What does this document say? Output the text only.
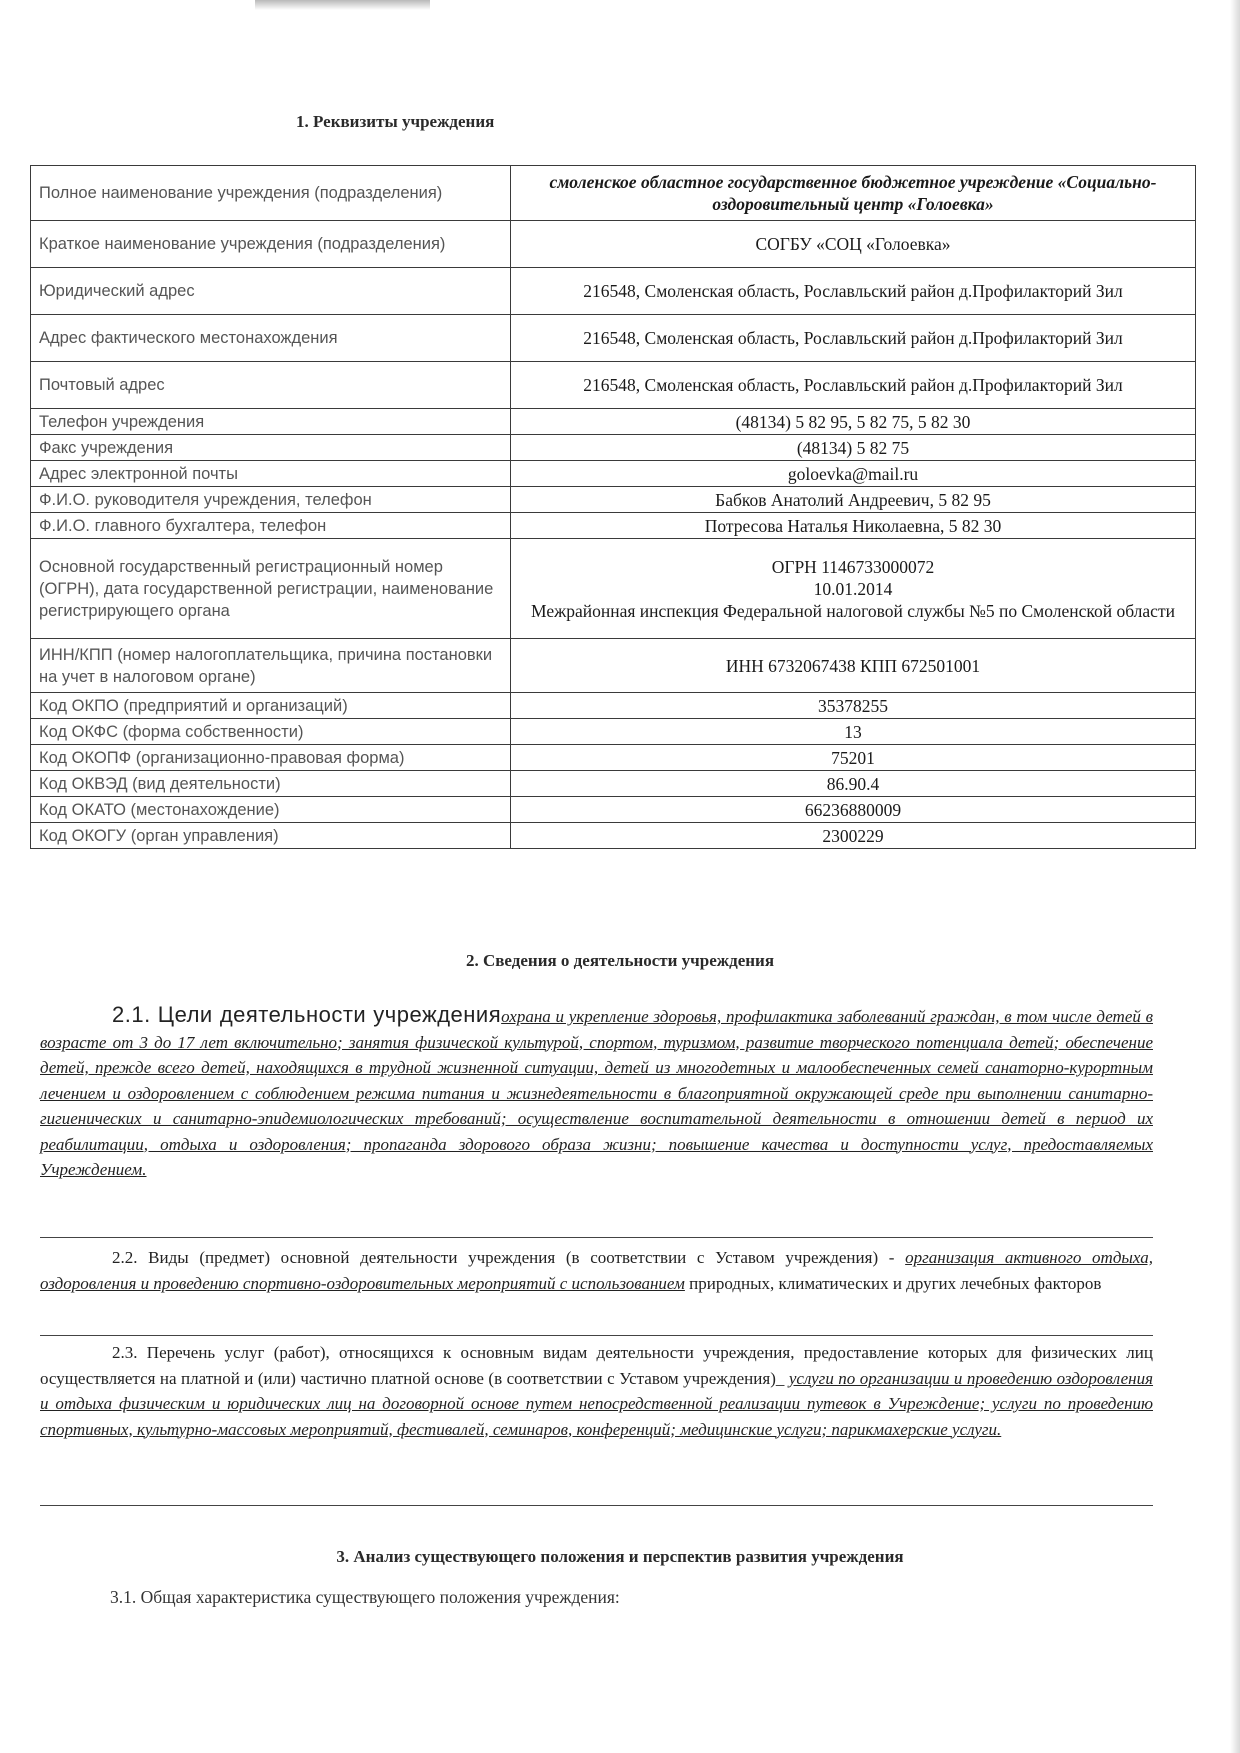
1. Реквизиты учреждения
Полное наименование учреждения (подразделения)	смоленское областное государственное бюджетное учреждение «Социально-оздоровительный центр «Голоевка»
Краткое наименование учреждения (подразделения)	СОГБУ «СОЦ «Голоевка»
Юридический адрес	216548, Смоленская область, Рославльский район д.Профилакторий Зил
Адрес фактического местонахождения	216548, Смоленская область, Рославльский район д.Профилакторий Зил
Почтовый адрес	216548, Смоленская область, Рославльский район д.Профилакторий Зил
Телефон учреждения	(48134) 5 82 95, 5 82 75, 5 82 30
Факс учреждения	(48134) 5 82 75
Адрес электронной почты	goloevka@mail.ru
Ф.И.О. руководителя учреждения, телефон	Бабков Анатолий Андреевич, 5 82 95
Ф.И.О. главного бухгалтера, телефон	Потресова Наталья Николаевна, 5 82 30
Основной государственный регистрационный номер (ОГРН), дата государственной регистрации, наименование регистрирующего органа	ОГРН 1146733000072
10.01.2014
Межрайонная инспекция Федеральной налоговой службы №5 по Смоленской области
ИНН/КПП (номер налогоплательщика, причина постановки на учет в налоговом органе)	ИНН 6732067438 КПП 672501001
Код ОКПО (предприятий и организаций)	35378255
Код ОКФС (форма собственности)	13
Код ОКОПФ (организационно-правовая форма)	75201
Код ОКВЭД (вид деятельности)	86.90.4
Код ОКАТО (местонахождение)	66236880009
Код ОКОГУ (орган управления)	2300229
2. Сведения о деятельности учреждения
2.1. Цели деятельности учрежденияохрана и укрепление здоровья, профилактика заболеваний граждан, в том числе детей в возрасте от 3 до 17 лет включительно; занятия физической культурой, спортом, туризмом, развитие творческого потенциала детей; обеспечение детей, прежде всего детей, находящихся в трудной жизненной ситуации, детей из многодетных и малообеспеченных семей санаторно-курортным лечением и оздоровлением с соблюдением режима питания и жизнедеятельности в благоприятной окружающей среде при выполнении санитарно-гигиенических и санитарно-эпидемиологических требований; осуществление воспитательной деятельности в отношении детей в период их реабилитации, отдыха и оздоровления; пропаганда здорового образа жизни; повышение качества и доступности услуг, предоставляемых Учреждением.
2.2. Виды (предмет) основной деятельности учреждения (в соответствии с Уставом учреждения) - организация активного отдыха, оздоровления и проведению спортивно-оздоровительных мероприятий с использованием природных, климатических и других лечебных факторов
2.3. Перечень услуг (работ), относящихся к основным видам деятельности учреждения, предоставление которых для физических лиц осуществляется на платной и (или) частично платной основе (в соответствии с Уставом учреждения)_ услуги по организации и проведению оздоровления и отдыха физическим и юридических лиц на договорной основе путем непосредственной реализации путевок в Учреждение; услуги по проведению спортивных, культурно-массовых мероприятий, фестивалей, семинаров, конференций; медицинские услуги; парикмахерские услуги.
3. Анализ существующего положения и перспектив развития учреждения
3.1. Общая характеристика существующего положения учреждения:
